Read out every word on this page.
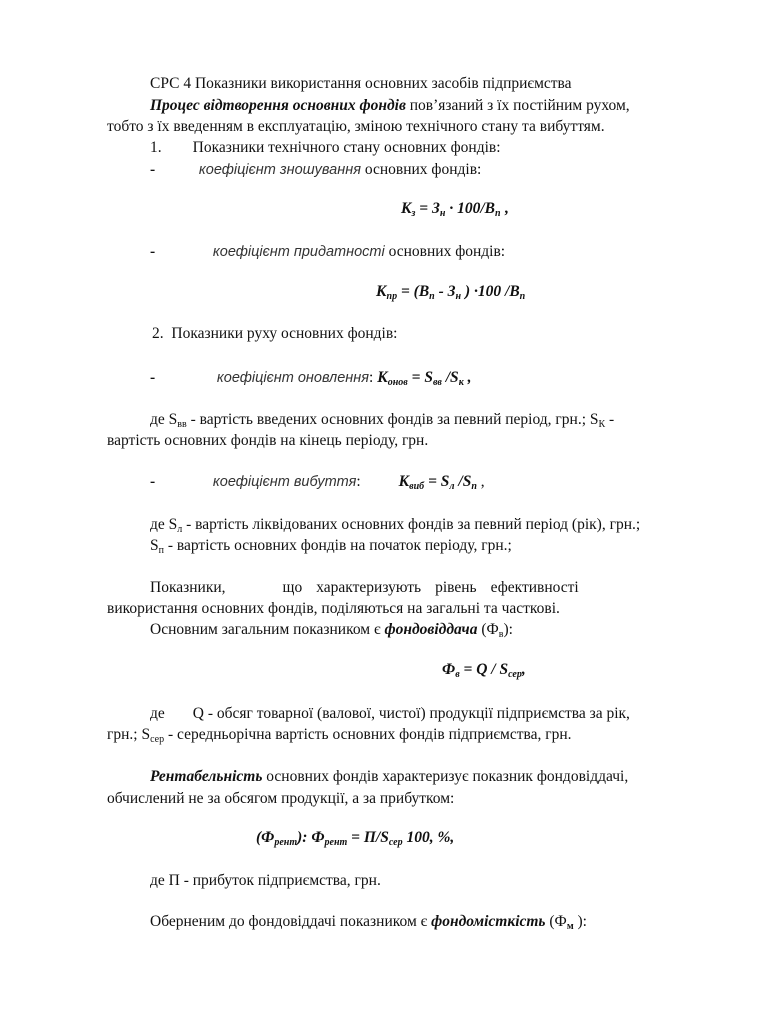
СРС 4 Показники використання основних засобів підприємства
Процес відтворення основних фондів пов’язаний з їх постійним рухом,
тобто з їх введенням в експлуатацію, зміною технічного стану та вибуттям.
1. Показники технічного стану основних фондів:
-	коефіцієнт зношування основних фондів:
$К_з = З_н \cdot 100/В_п$ ,
-	коефіцієнт придатності основних фондів:
$К_{пр} = (В_п - З_н$ ) ·100 $/В_п$
2. Показники руху основних фондів:
-	коефіцієнт оновлення: $К_{онов} = S_{вв}$ $/S_к$ ,
де $S_{вв}$ - вартість введених основних фондів за певний період, грн.; $S_К$ -
вартість основних фондів на кінець періоду, грн.
-	коефіцієнт вибуття: $К_{виб} = S_л$ $/S_п$ ,
де $S_л$ - вартість ліквідованих основних фондів за певний період (рік), грн.;
$S_п$ - вартість основних фондів на початок періоду, грн.;
Показники,	що характеризують рівень ефективності
використання основних фондів, поділяються на загальні та часткові.
Основним загальним показником є фондовіддача $(Ф_в)$:
$Ф_в = Q / S_{сер}$,
де Q - обсяг товарної (валової, чистої) продукції підприємства за рік,
грн.; $S_{сер}$ - середньорічна вартість основних фондів підприємства, грн.
Рентабельність основних фондів характеризує показник фондовіддачі,
обчислений не за обсягом продукції, а за прибутком:
$(Ф_{рент})$: $Ф_{рент} = П/S_{сер}$ 100, %,
де П - прибуток підприємства, грн.
Оберненим до фондовіддачі показником є фондомісткість ($Ф_м$ ):
